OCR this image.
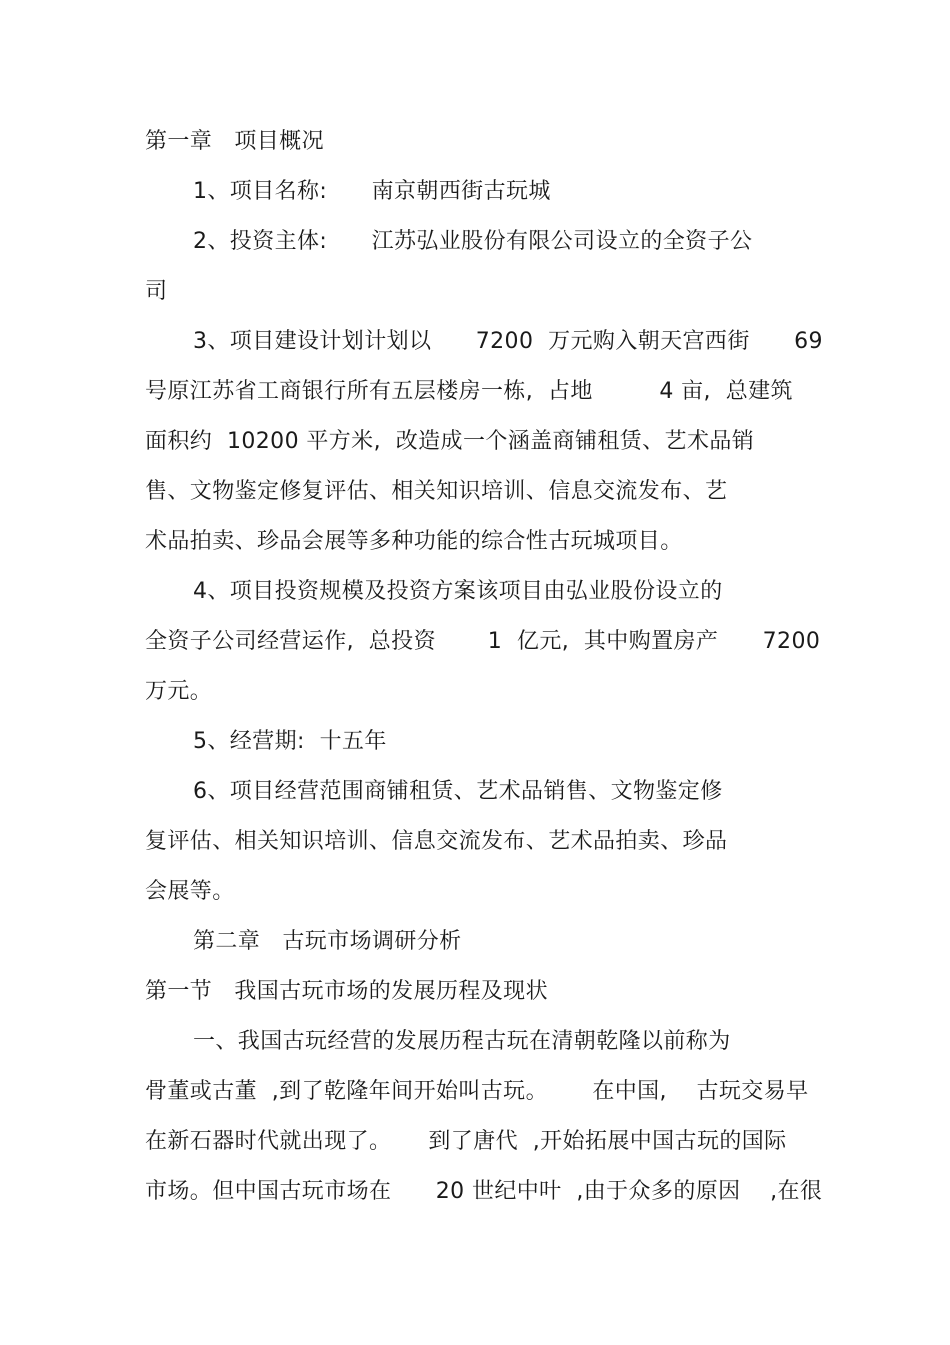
第一章   项目概况
1、项目名称:      南京朝西街古玩城
2、投资主体:      江苏弘业股份有限公司设立的全资子公
司
3、项目建设计划计划以      7200  万元购入朝天宫西街      69
号原江苏省工商银行所有五层楼房一栋,  占地         4 亩,  总建筑
面积约  10200 平方米,  改造成一个涵盖商铺租赁、艺术品销
售、文物鉴定修复评估、相关知识培训、信息交流发布、艺
术品拍卖、珍品会展等多种功能的综合性古玩城项目。
4、项目投资规模及投资方案该项目由弘业股份设立的
全资子公司经营运作,  总投资       1  亿元,  其中购置房产      7200
万元。
5、经营期:  十五年
6、项目经营范围商铺租赁、艺术品销售、文物鉴定修
复评估、相关知识培训、信息交流发布、艺术品拍卖、珍品
会展等。
第二章   古玩市场调研分析
第一节   我国古玩市场的发展历程及现状
一、我国古玩经营的发展历程古玩在清朝乾隆以前称为
骨董或古董  ,到了乾隆年间开始叫古玩。      在中国,    古玩交易早
在新石器时代就出现了。     到了唐代  ,开始拓展中国古玩的国际
市场。但中国古玩市场在      20 世纪中叶  ,由于众多的原因    ,在很
